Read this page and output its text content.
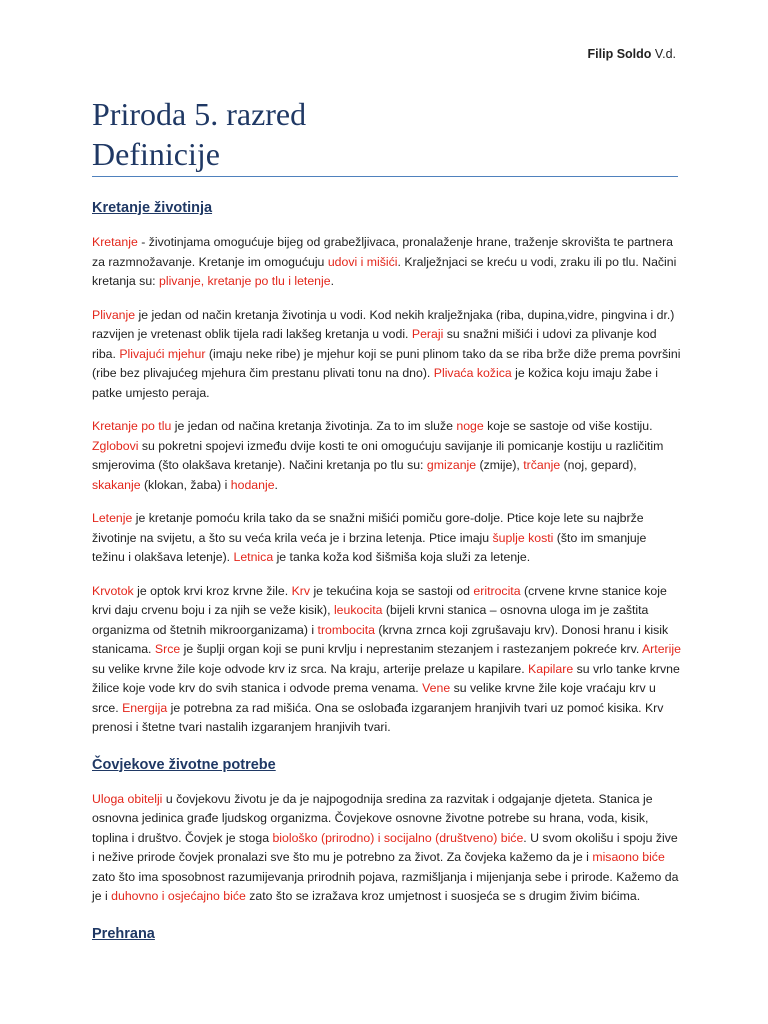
Filip Soldo V.d.
Priroda 5. razred
Definicije
Kretanje životinja

Kretanje - životinjama omogućuje bijeg od grabežljivaca, pronalaženje hrane, traženje skrovišta te partnera za razmnožavanje. Kretanje im omogućuju udovi i mišići. Kralježnjaci se kreću u vodi, zraku ili po tlu. Načini kretanja su: plivanje, kretanje po tlu i letenje.

Plivanje je jedan od način kretanja životinja u vodi. Kod nekih kralježnjaka (riba, dupina,vidre, pingvina i dr.) razvijen je vretenast oblik tijela radi lakšeg kretanja u vodi. Peraji su snažni mišići i udovi za plivanje kod riba. Plivajući mjehur (imaju neke ribe) je mjehur koji se puni plinom tako da se riba brže diže prema površini (ribe bez plivajućeg mjehura čim prestanu plivati tonu na dno). Plivaća kožica je kožica koju imaju žabe i patke umjesto peraja.

Kretanje po tlu je jedan od načina kretanja životinja. Za to im služe noge koje se sastoje od više kostiju. Zglobovi su pokretni spojevi između dvije kosti te oni omogućuju savijanje ili pomicanje kostiju u različitim smjerovima (što olakšava kretanje). Načini kretanja po tlu su: gmizanje (zmije), trčanje (noj, gepard), skakanje (klokan, žaba) i hodanje.

Letenje je kretanje pomoću krila tako da se snažni mišići pomiču gore-dolje. Ptice koje lete su najbrže životinje na svijetu, a što su veća krila veća je i brzina letenja. Ptice imaju šuplje kosti (što im smanjuje težinu i olakšava letenje). Letnica je tanka koža kod šišmiša koja služi za letenje.

Krvotok je optok krvi kroz krvne žile. Krv je tekućina koja se sastoji od eritrocita (crvene krvne stanice koje krvi daju crvenu boju i za njih se veže kisik), leukocita (bijeli krvni stanica – osnovna uloga im je zaštita organizma od štetnih mikroorganizama) i trombocita (krvna zrnca koji zgrušavaju krv). Donosi hranu i kisik stanicama. Srce je šuplji organ koji se puni krvlju i neprestanim stezanjem i rastezanjem pokreće krv. Arterije su velike krvne žile koje odvode krv iz srca. Na kraju, arterije prelaze u kapilare. Kapilare su vrlo tanke krvne žilice koje vode krv do svih stanica i odvode prema venama. Vene su velike krvne žile koje vraćaju krv u srce. Energija je potrebna za rad mišića. Ona se oslobađa izgaranjem hranjivih tvari uz pomoć kisika. Krv prenosi i štetne tvari nastalih izgaranjem hranjivih tvari.

Čovjekove životne potrebe

Uloga obitelji u čovjekovu životu je da je najpogodnija sredina za razvitak i odgajanje djeteta. Stanica je osnovna jedinica građe ljudskog organizma. Čovjekove osnovne životne potrebe su hrana, voda, kisik, toplina i društvo. Čovjek je stoga biološko (prirodno) i socijalno (društveno) biće. U svom okolišu i spoju žive i nežive prirode čovjek pronalazi sve što mu je potrebno za život. Za čovjeka kažemo da je i misaono biće zato što ima sposobnost razumijevanja prirodnih pojava, razmišljanja i mijenjanja sebe i prirode. Kažemo da je i duhovno i osjećajno biće zato što se izražava kroz umjetnost i suosjeća se s drugim živim bićima.

Prehrana
